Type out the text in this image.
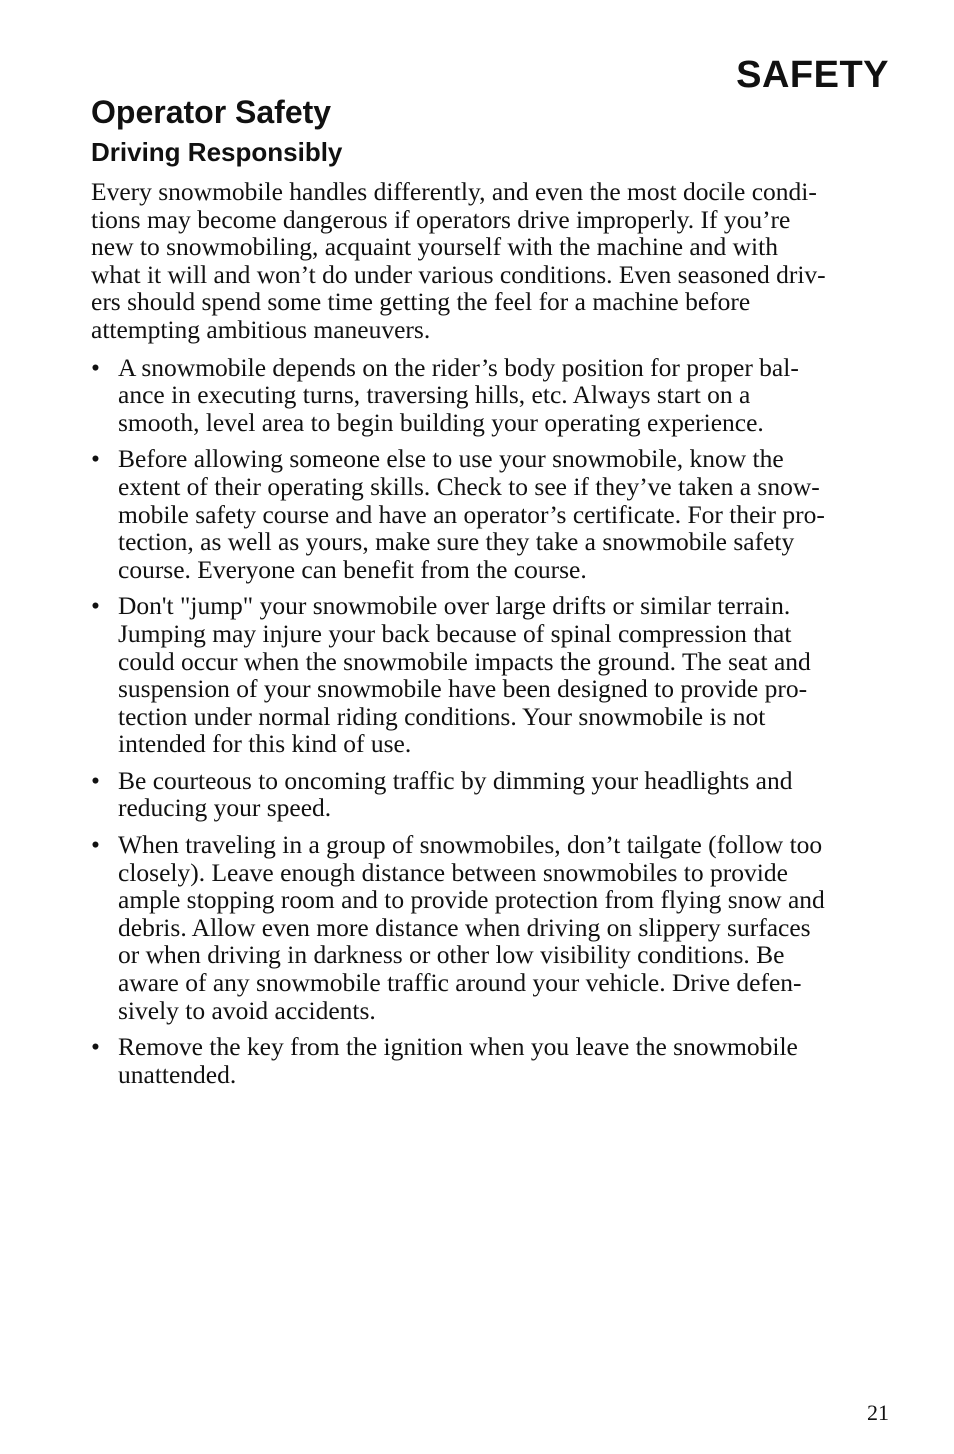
SAFETY
Operator Safety
Driving Responsibly

Every snowmobile handles differently, and even the most docile condi-
tions may become dangerous if operators drive improperly. If you’re
new to snowmobiling, acquaint yourself with the machine and with
what it will and won’t do under various conditions. Even seasoned driv-
ers should spend some time getting the feel for a machine before
attempting ambitious maneuvers.

• A snowmobile depends on the rider’s body position for proper bal-
ance in executing turns, traversing hills, etc. Always start on a
smooth, level area to begin building your operating experience.

• Before allowing someone else to use your snowmobile, know the
extent of their operating skills. Check to see if they’ve taken a snow-
mobile safety course and have an operator’s certificate. For their pro-
tection, as well as yours, make sure they take a snowmobile safety
course. Everyone can benefit from the course.

• Don't "jump" your snowmobile over large drifts or similar terrain.
Jumping may injure your back because of spinal compression that
could occur when the snowmobile impacts the ground. The seat and
suspension of your snowmobile have been designed to provide pro-
tection under normal riding conditions. Your snowmobile is not
intended for this kind of use.

• Be courteous to oncoming traffic by dimming your headlights and
reducing your speed.

• When traveling in a group of snowmobiles, don’t tailgate (follow too
closely). Leave enough distance between snowmobiles to provide
ample stopping room and to provide protection from flying snow and
debris. Allow even more distance when driving on slippery surfaces
or when driving in darkness or other low visibility conditions. Be
aware of any snowmobile traffic around your vehicle. Drive defen-
sively to avoid accidents.

• Remove the key from the ignition when you leave the snowmobile
unattended.

21
